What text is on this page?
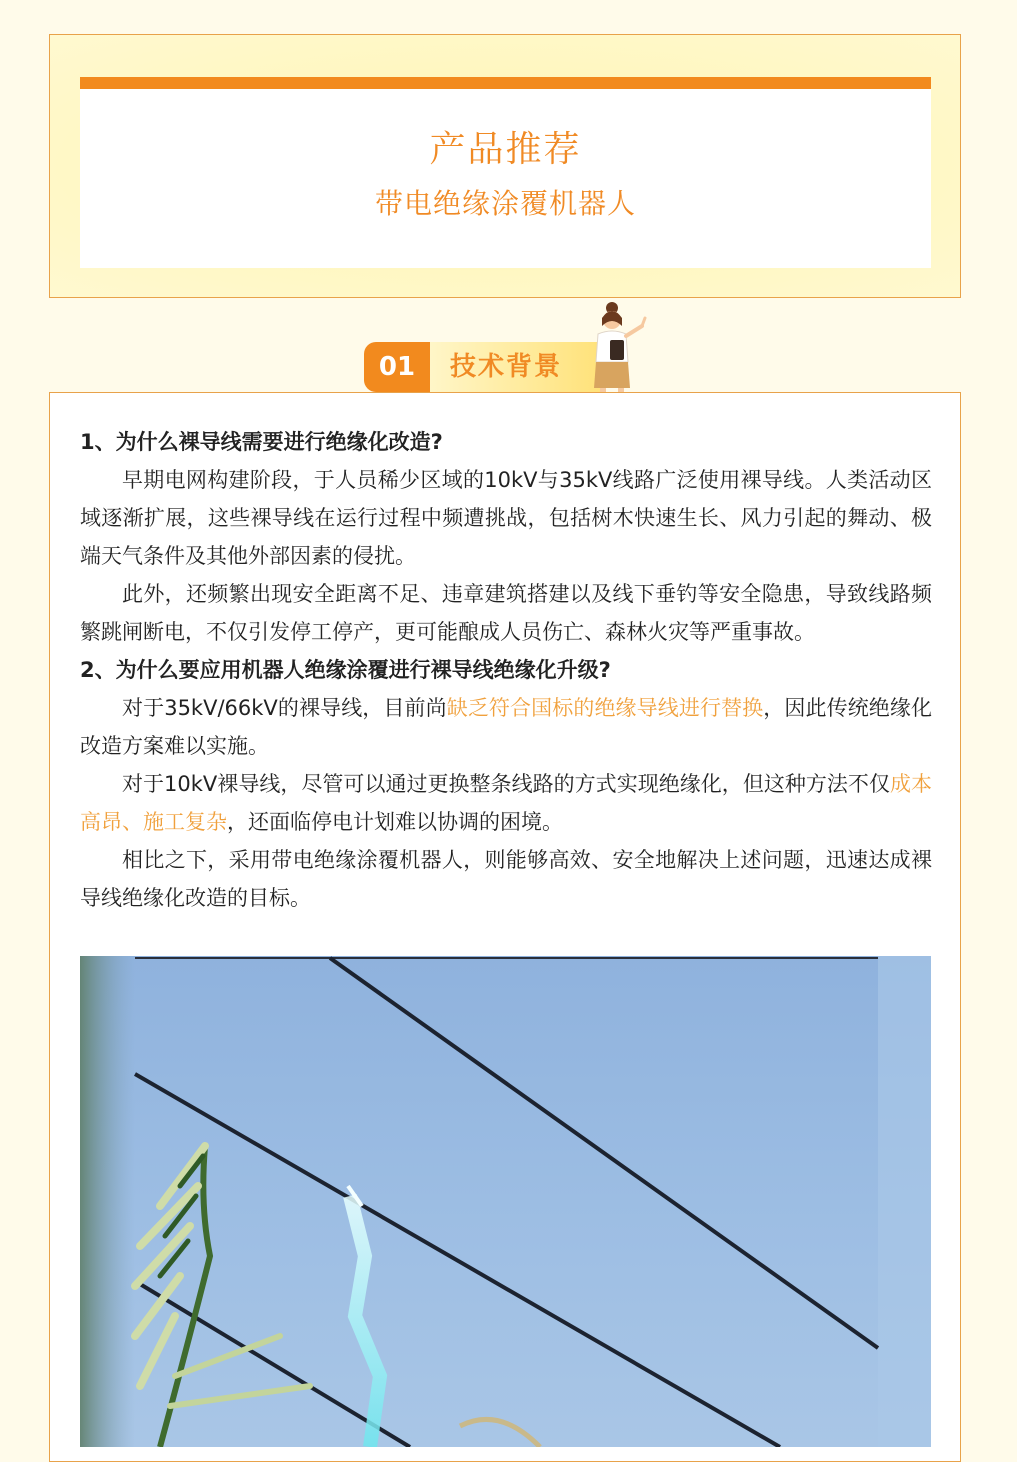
产品推荐
带电绝缘涂覆机器人
01	技术背景

1、为什么裸导线需要进行绝缘化改造?

早期电网构建阶段，于人员稀少区域的10kV与35kV线路广泛使用裸导线。人类活动区域逐渐扩展，这些裸导线在运行过程中频遭挑战，包括树木快速生长、风力引起的舞动、极端天气条件及其他外部因素的侵扰。

此外，还频繁出现安全距离不足、违章建筑搭建以及线下垂钓等安全隐患，导致线路频繁跳闸断电，不仅引发停工停产，更可能酿成人员伤亡、森林火灾等严重事故。

2、为什么要应用机器人绝缘涂覆进行裸导线绝缘化升级?

对于35kV/66kV的裸导线，目前尚缺乏符合国标的绝缘导线进行替换，因此传统绝缘化改造方案难以实施。

对于10kV裸导线，尽管可以通过更换整条线路的方式实现绝缘化，但这种方法不仅成本高昂、施工复杂，还面临停电计划难以协调的困境。

相比之下，采用带电绝缘涂覆机器人，则能够高效、安全地解决上述问题，迅速达成裸导线绝缘化改造的目标。
